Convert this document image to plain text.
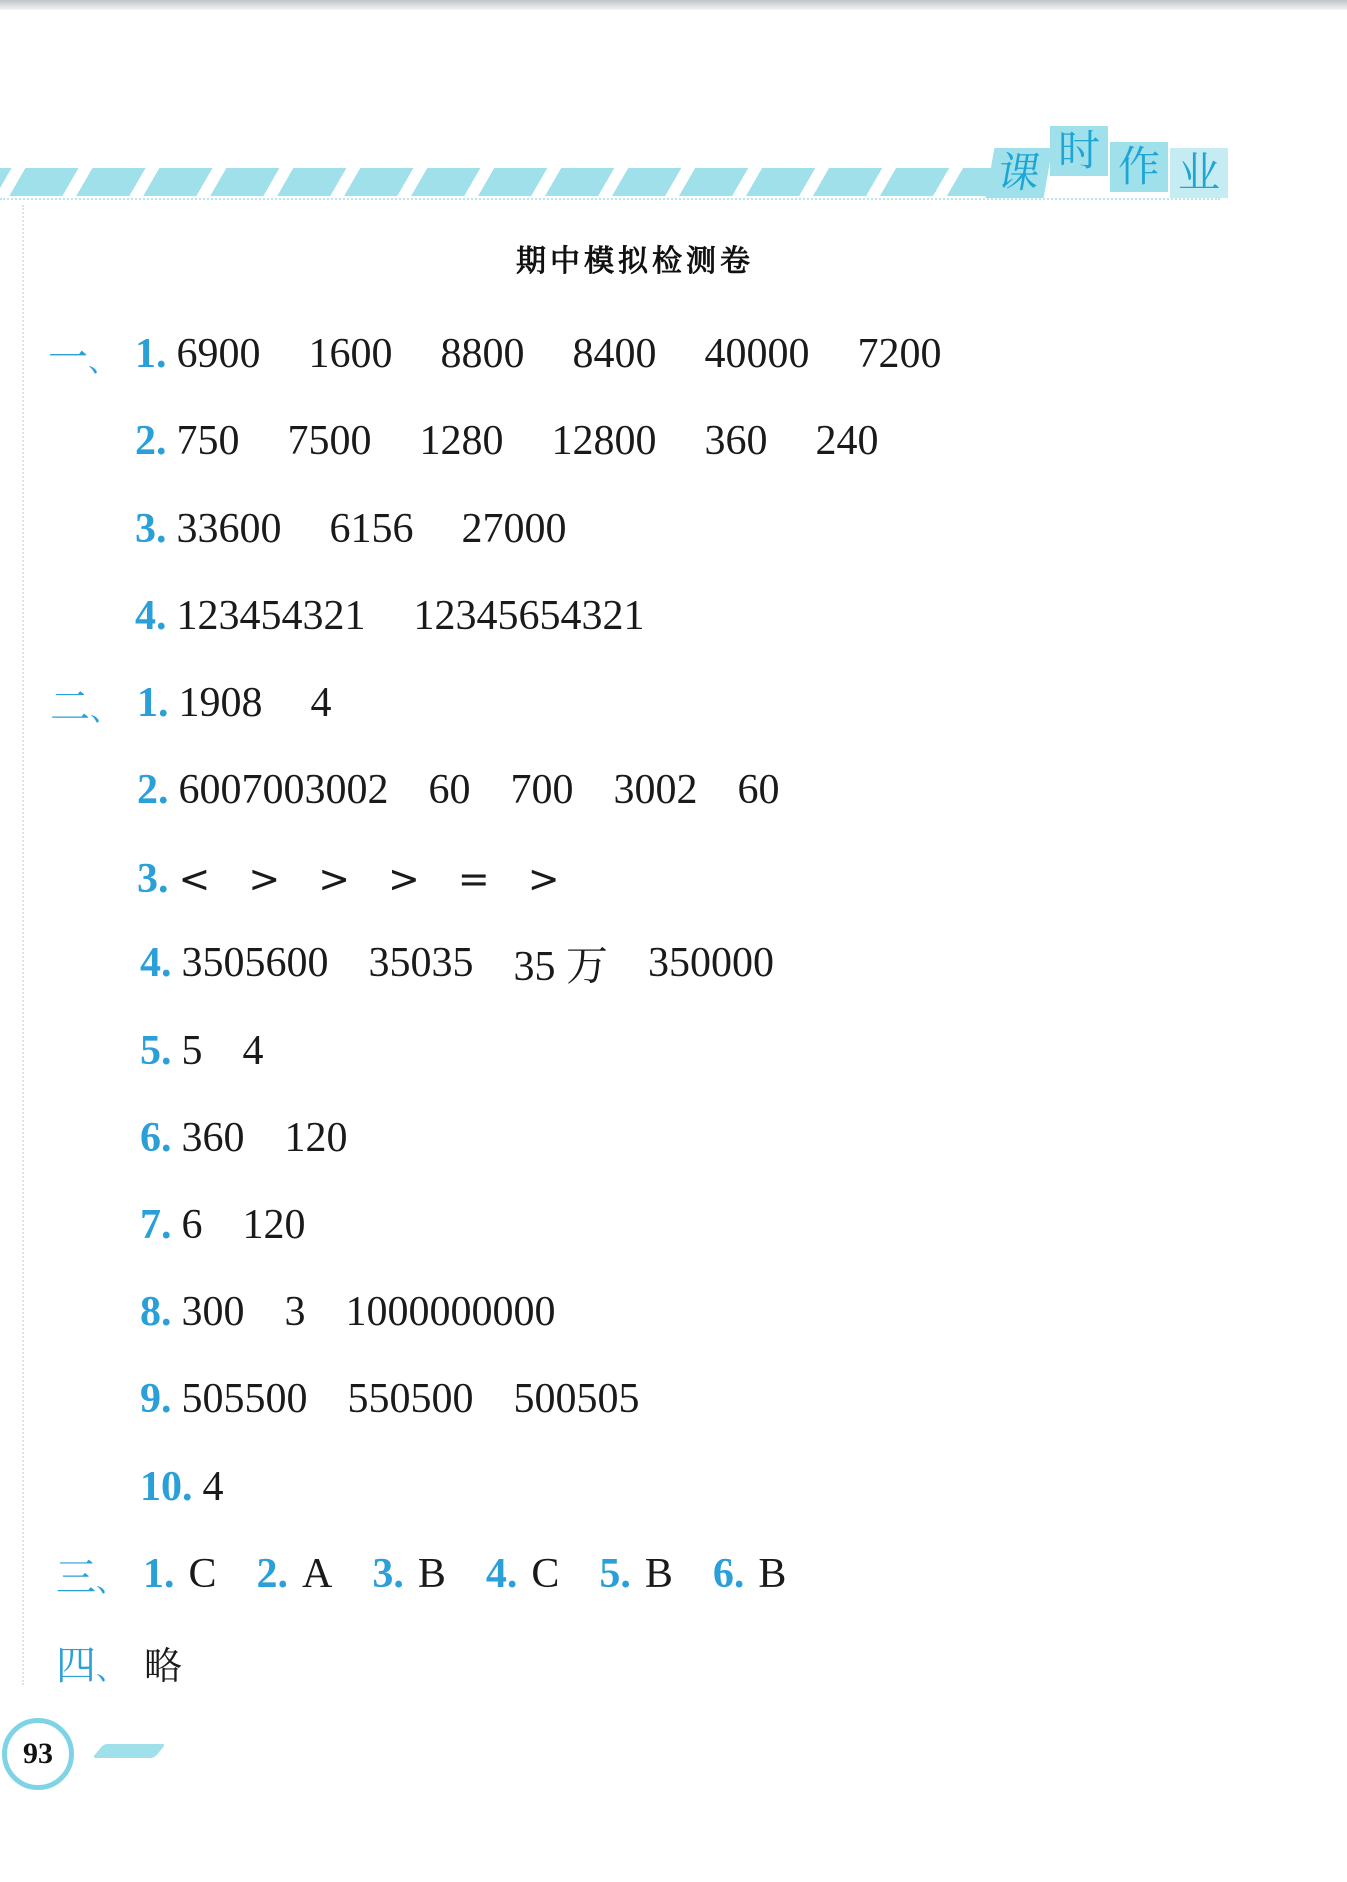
课 时 作 业
期中模拟检测卷
一、 1. 6900 1600 8800 8400 40000 7200
2. 750 7500 1280 12800 360 240
3. 33600 6156 27000
4. 123454321 12345654321
二、 1. 1908 4
2. 6007003002 60 700 3002 60
3. < > > > = >
4. 3505600 35035 35 万 350000
5. 5 4
6. 360 120
7. 6 120
8. 300 3 1000000000
9. 505500 550500 500505
10. 4
三、 1. C 2. A 3. B 4. C 5. B 6. B
四、 略
93
